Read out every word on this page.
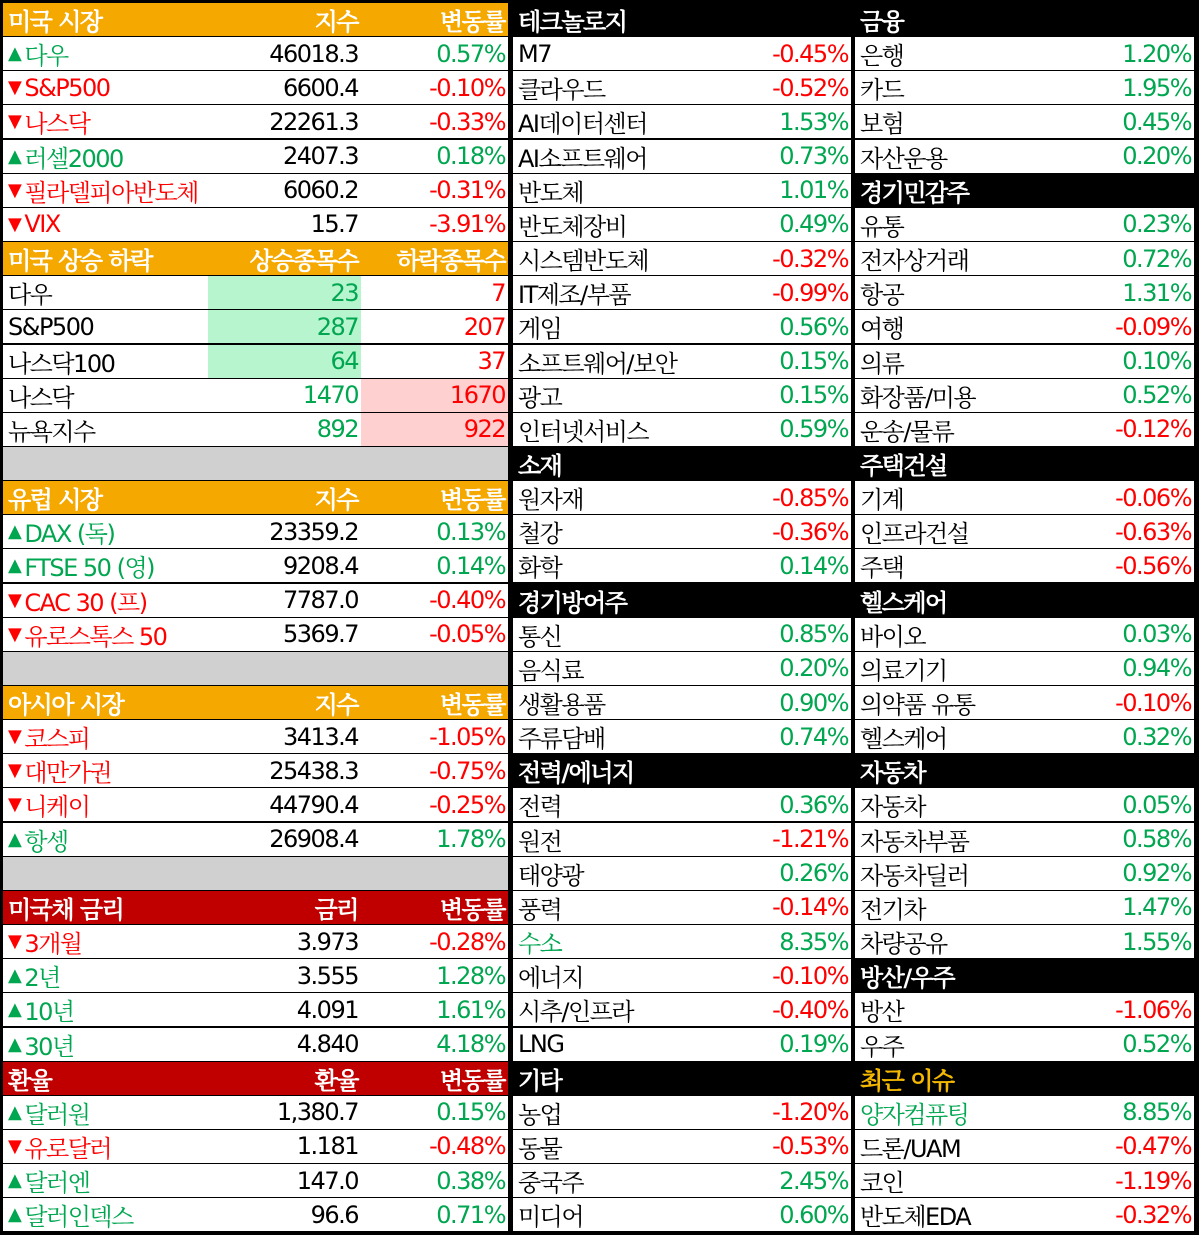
미국 시장	지수	변동률
▲ 다우	46018.3	0.57%
▼ S&P500	6600.4	-0.10%
▼ 나스닥	22261.3	-0.33%
▲ 러셀2000	2407.3	0.18%
▼ 필라델피아반도체	6060.2	-0.31%
▼ VIX	15.7	-3.91%
미국 상승 하락	상승종목수	하락종목수
다우	23	7
S&P500	287	207
나스닥100	64	37
나스닥	1470	1670
뉴욕지수	892	922
유럽 시장	지수	변동률
▲ DAX (독)	23359.2	0.13%
▲ FTSE 50 (영)	9208.4	0.14%
▼ CAC 30 (프)	7787.0	-0.40%
▼ 유로스톡스 50	5369.7	-0.05%
아시아 시장	지수	변동률
▼ 코스피	3413.4	-1.05%
▼ 대만가권	25438.3	-0.75%
▼ 니케이	44790.4	-0.25%
▲ 항셍	26908.4	1.78%
미국채 금리	금리	변동률
▼ 3개월	3.973	-0.28%
▲ 2년	3.555	1.28%
▲ 10년	4.091	1.61%
▲ 30년	4.840	4.18%
환율	환율	변동률
▲ 달러원	1,380.7	0.15%
▼ 유로달러	1.181	-0.48%
▲ 달러엔	147.0	0.38%
▲ 달러인덱스	96.6	0.71%
테크놀로지
M7	-0.45%
클라우드	-0.52%
AI데이터센터	1.53%
AI소프트웨어	0.73%
반도체	1.01%
반도체장비	0.49%
시스템반도체	-0.32%
IT제조/부품	-0.99%
게임	0.56%
소프트웨어/보안	0.15%
광고	0.15%
인터넷서비스	0.59%
소재
원자재	-0.85%
철강	-0.36%
화학	0.14%
경기방어주
통신	0.85%
음식료	0.20%
생활용품	0.90%
주류담배	0.74%
전력/에너지
전력	0.36%
원전	-1.21%
태양광	0.26%
풍력	-0.14%
수소	8.35%
에너지	-0.10%
시추/인프라	-0.40%
LNG	0.19%
기타
농업	-1.20%
동물	-0.53%
중국주	2.45%
미디어	0.60%
금융
은행	1.20%
카드	1.95%
보험	0.45%
자산운용	0.20%
경기민감주
유통	0.23%
전자상거래	0.72%
항공	1.31%
여행	-0.09%
의류	0.10%
화장품/미용	0.52%
운송/물류	-0.12%
주택건설
기계	-0.06%
인프라건설	-0.63%
주택	-0.56%
헬스케어
바이오	0.03%
의료기기	0.94%
의약품 유통	-0.10%
헬스케어	0.32%
자동차
자동차	0.05%
자동차부품	0.58%
자동차딜러	0.92%
전기차	1.47%
차량공유	1.55%
방산/우주
방산	-1.06%
우주	0.52%
최근 이슈
양자컴퓨팅	8.85%
드론/UAM	-0.47%
코인	-1.19%
반도체EDA	-0.32%
